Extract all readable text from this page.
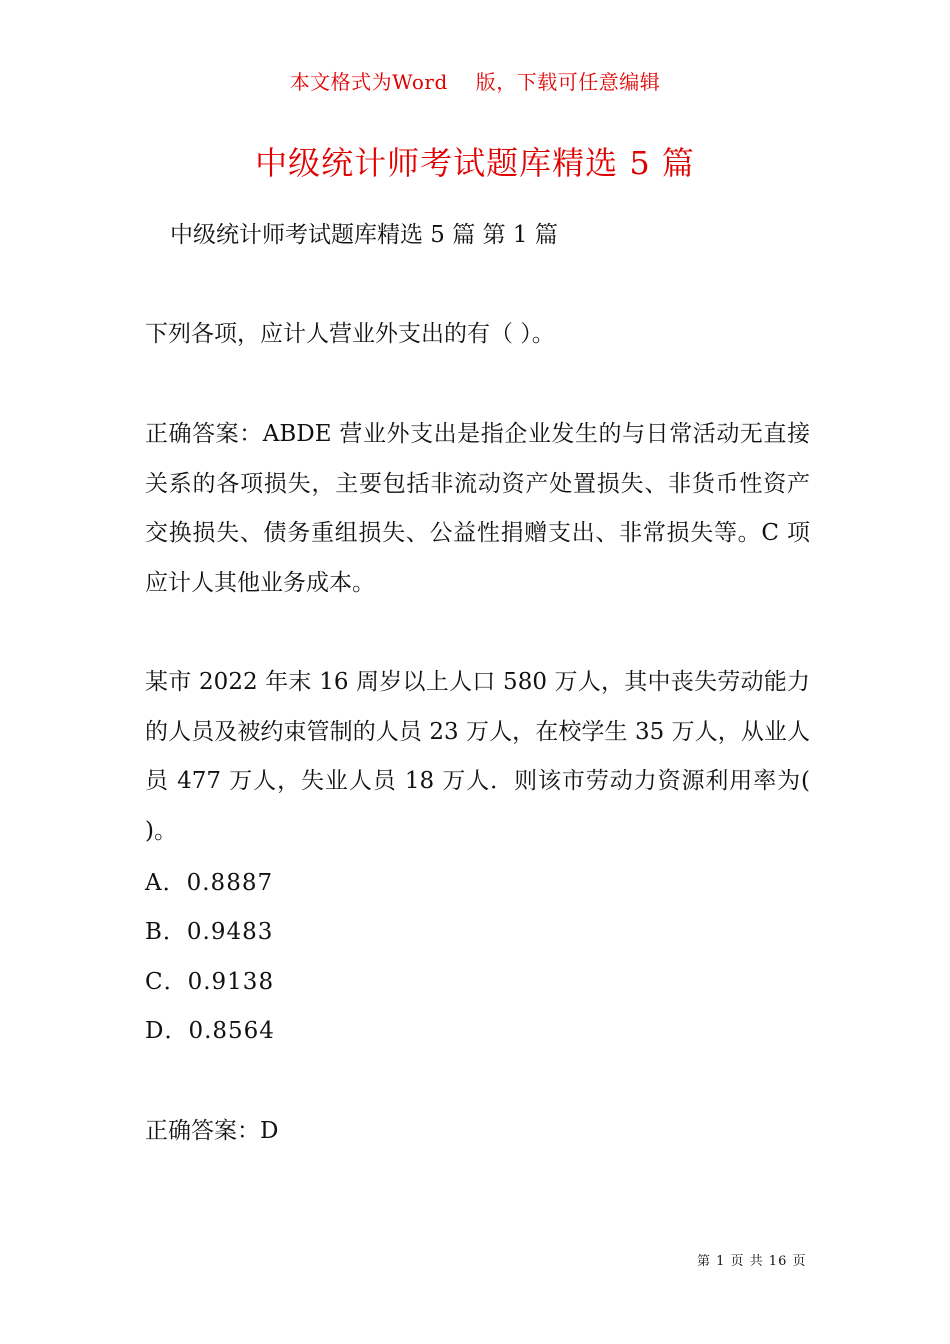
本文格式为Word 版，下载可任意编辑
中级统计师考试题库精选 5 篇
中级统计师考试题库精选 5 篇 第 1 篇
下列各项，应计人营业外支出的有（ ）。
正确答案：ABDE 营业外支出是指企业发生的与日常活动无直接关系的各项损失，主要包括非流动资产处置损失、非货币性资产交换损失、债务重组损失、公益性捐赠支出、非常损失等。C 项应计人其他业务成本。
某市 2022 年末 16 周岁以上人口 580 万人，其中丧失劳动能力的人员及被约束管制的人员 23 万人，在校学生 35 万人，从业人员 477 万人，失业人员 18 万人．则该市劳动力资源利用率为( )。
A．0.8887
B．0.9483
C．0.9138
D．0.8564
正确答案：D
第 1 页 共 16 页
